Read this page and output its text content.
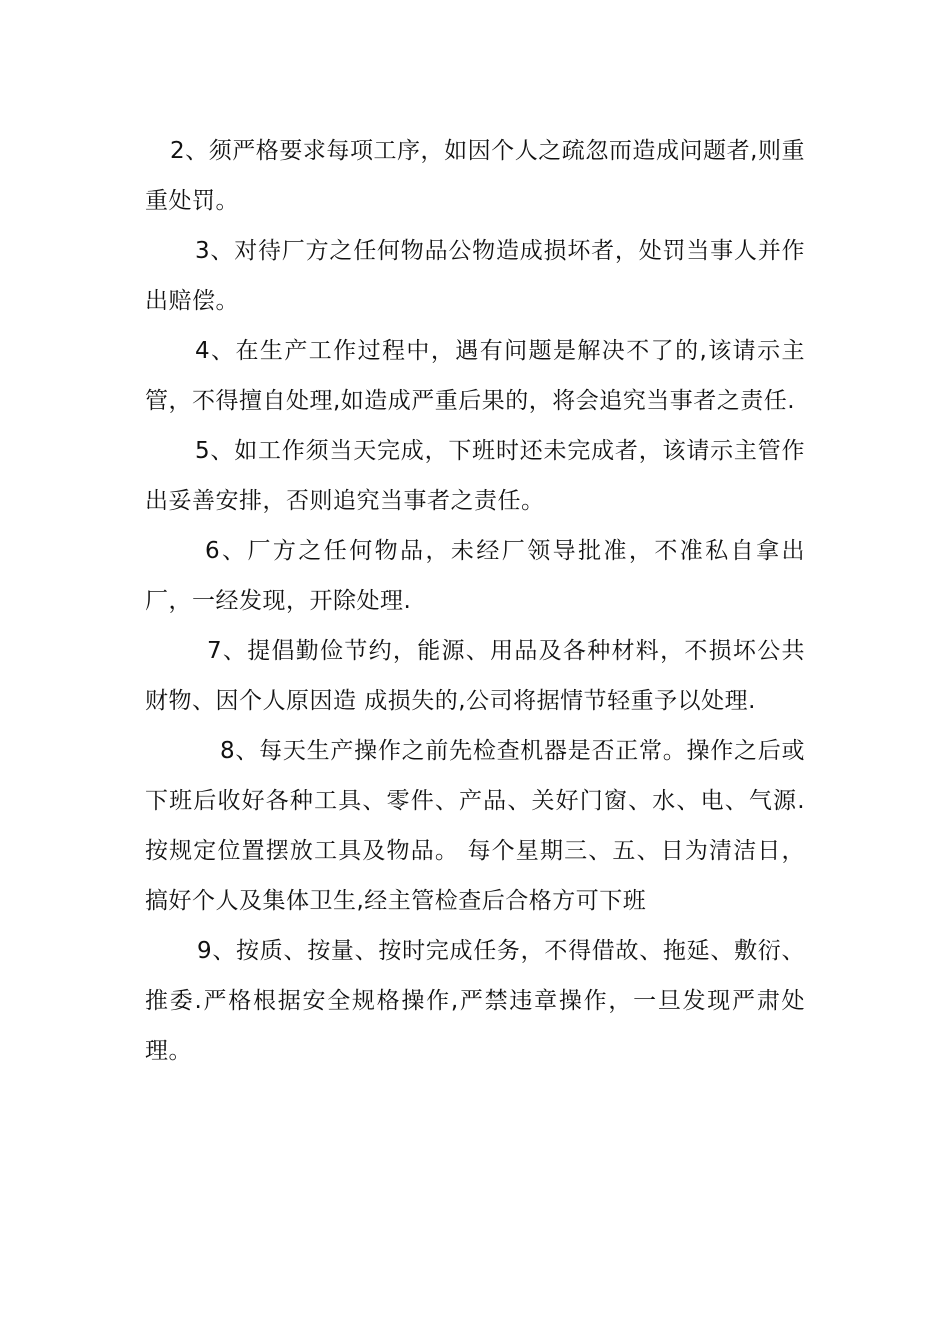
2、须严格要求每项工序，如因个人之疏忽而造成问题者,则重重处罚。

3、对待厂方之任何物品公物造成损坏者，处罚当事人并作出赔偿。

4、在生产工作过程中，遇有问题是解决不了的,该请示主管，不得擅自处理,如造成严重后果的，将会追究当事者之责任.

5、如工作须当天完成，下班时还未完成者，该请示主管作出妥善安排，否则追究当事者之责任。

6、厂方之任何物品，未经厂领导批准，不准私自拿出厂，一经发现，开除处理.

7、提倡勤俭节约，能源、用品及各种材料，不损坏公共财物、因个人原因造 成损失的,公司将据情节轻重予以处理.

8、每天生产操作之前先检查机器是否正常。操作之后或下班后收好各种工具、零件、产品、关好门窗、水、电、气源.按规定位置摆放工具及物品。 每个星期三、五、日为清洁日，搞好个人及集体卫生,经主管检查后合格方可下班

9、按质、按量、按时完成任务，不得借故、拖延、敷衍、推委.严格根据安全规格操作,严禁违章操作，一旦发现严肃处理。
